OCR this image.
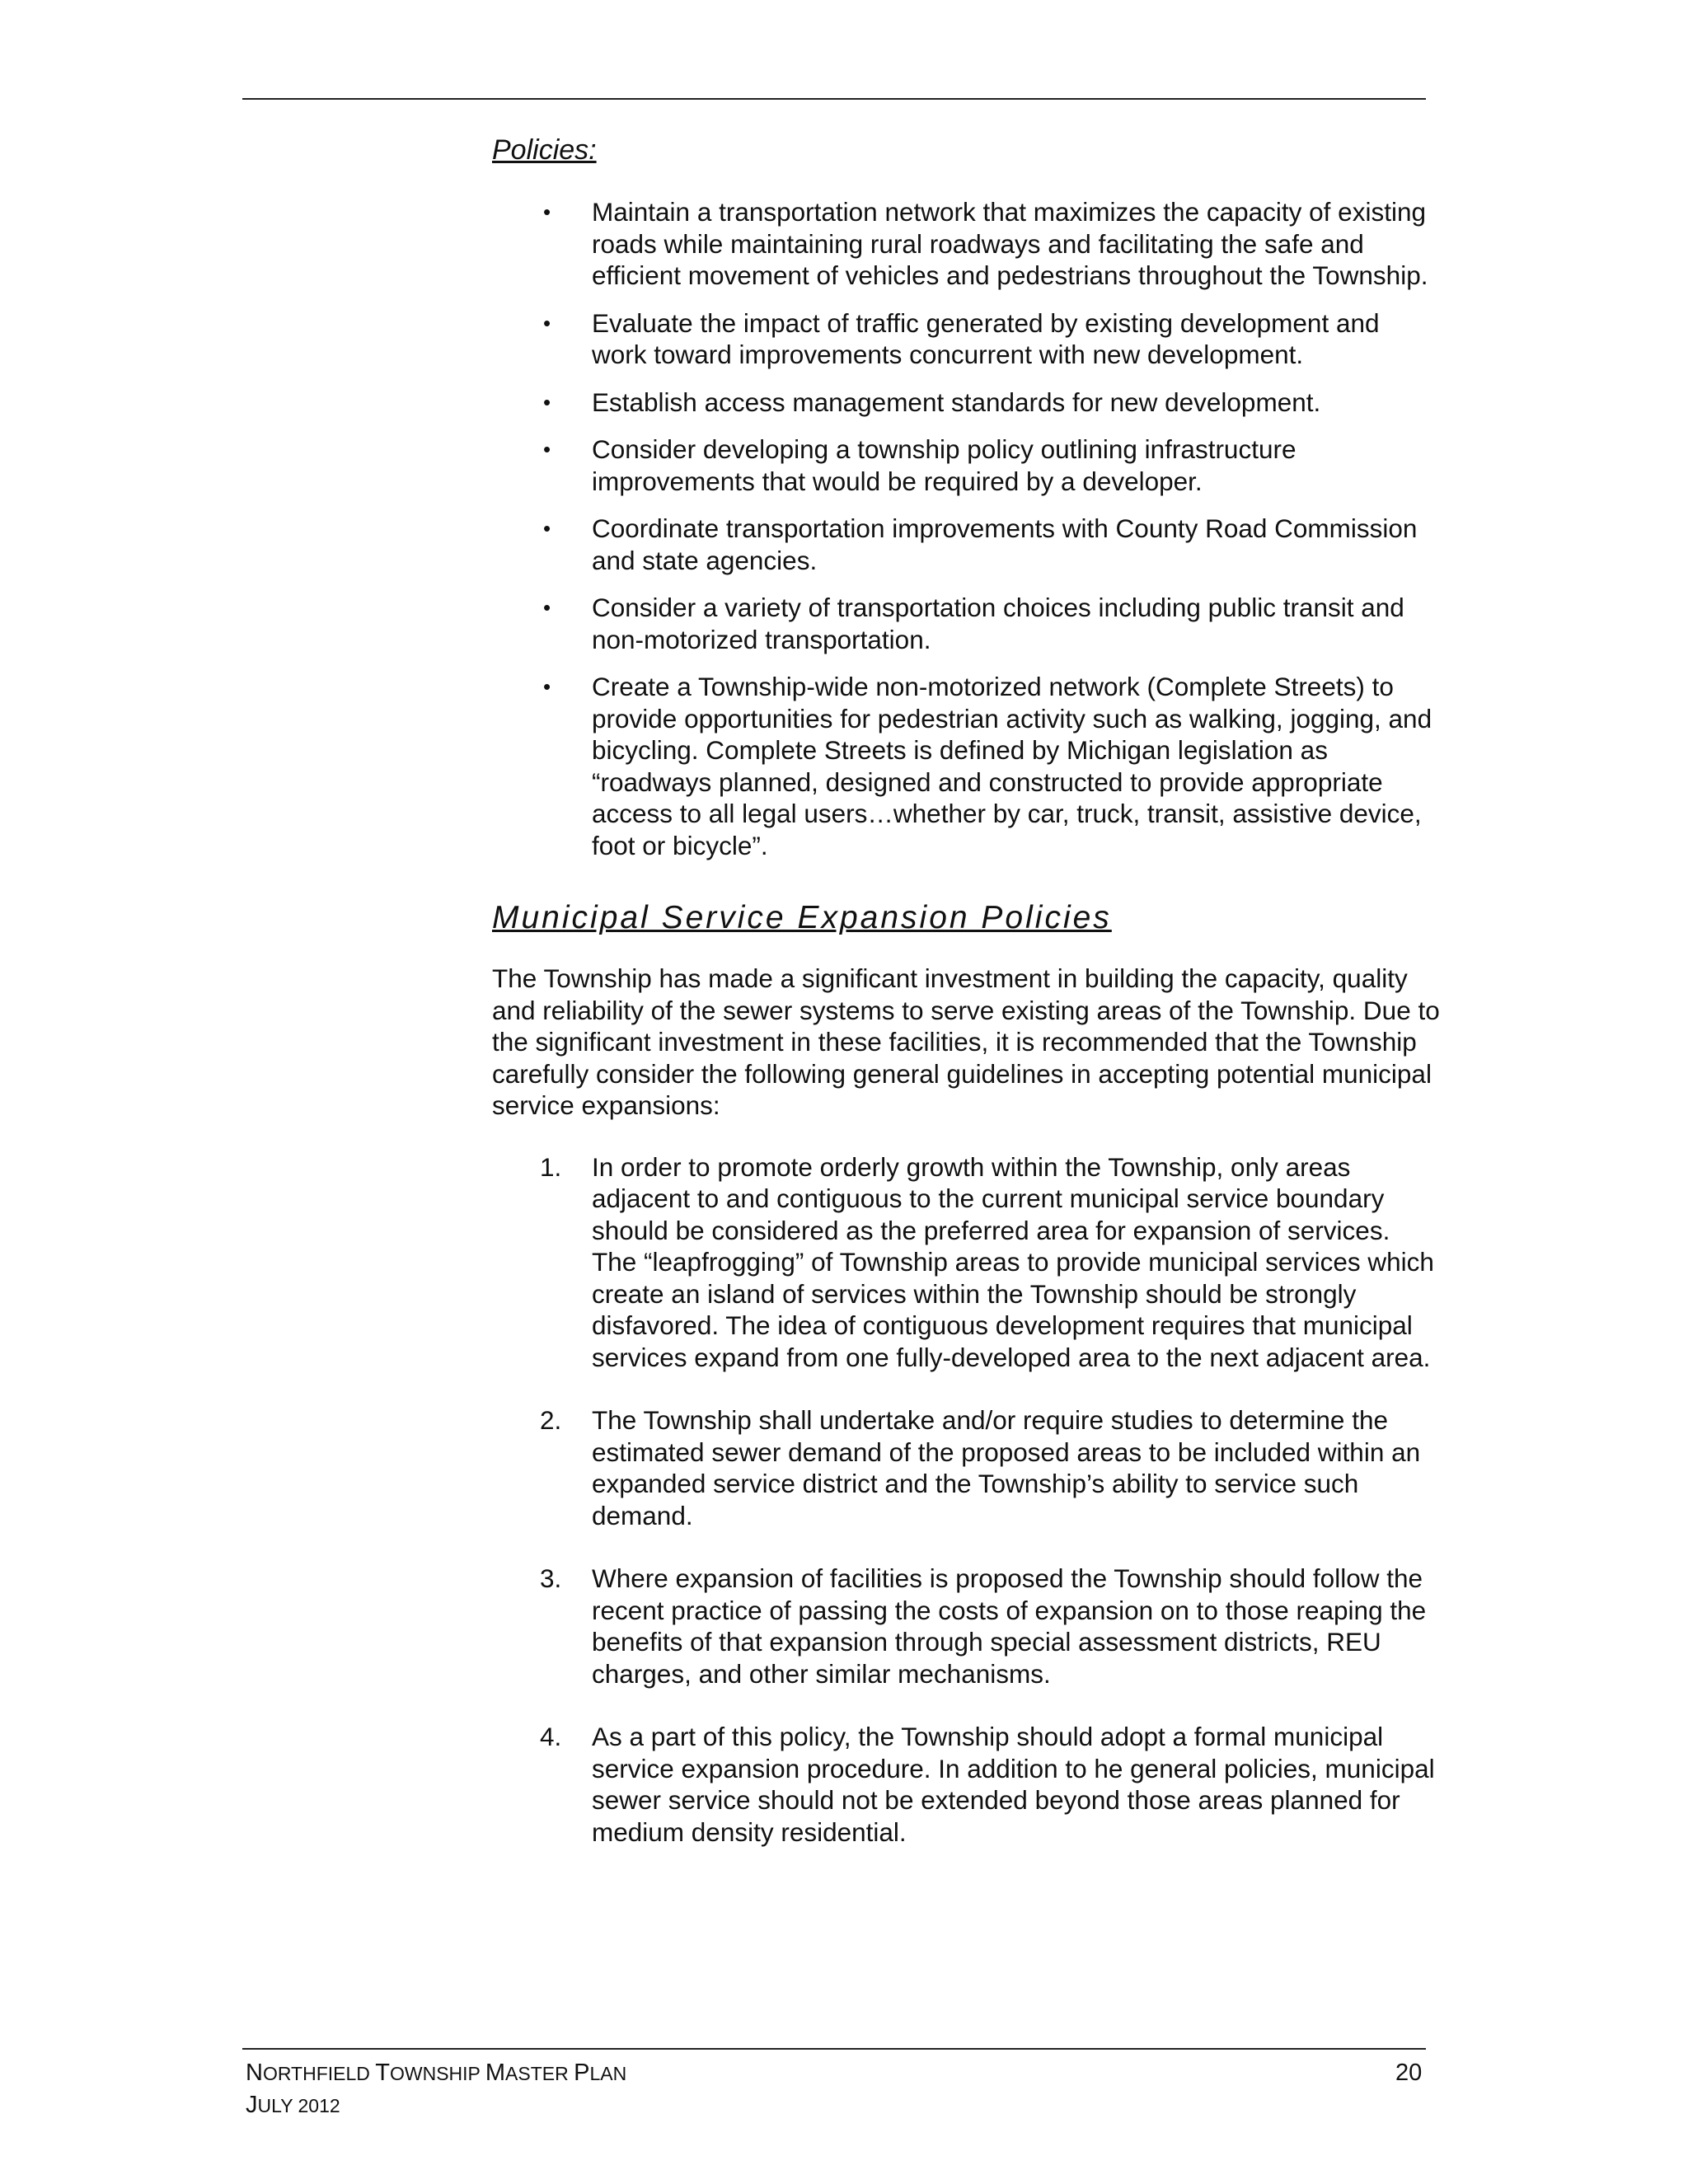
Policies:
• Maintain a transportation network that maximizes the capacity of existing roads while maintaining rural roadways and facilitating the safe and efficient movement of vehicles and pedestrians throughout the Township.
• Evaluate the impact of traffic generated by existing development and work toward improvements concurrent with new development.
• Establish access management standards for new development.
• Consider developing a township policy outlining infrastructure improvements that would be required by a developer.
• Coordinate transportation improvements with County Road Commission and state agencies.
• Consider a variety of transportation choices including public transit and non-motorized transportation.
• Create a Township-wide non-motorized network (Complete Streets) to provide opportunities for pedestrian activity such as walking, jogging, and bicycling. Complete Streets is defined by Michigan legislation as “roadways planned, designed and constructed to provide appropriate access to all legal users…whether by car, truck, transit, assistive device, foot or bicycle”.
Municipal Service Expansion Policies

The Township has made a significant investment in building the capacity, quality and reliability of the sewer systems to serve existing areas of the Township. Due to the significant investment in these facilities, it is recommended that the Township carefully consider the following general guidelines in accepting potential municipal service expansions:

1. In order to promote orderly growth within the Township, only areas adjacent to and contiguous to the current municipal service boundary should be considered as the preferred area for expansion of services. The “leapfrogging” of Township areas to provide municipal services which create an island of services within the Township should be strongly disfavored. The idea of contiguous development requires that municipal services expand from one fully-developed area to the next adjacent area.
2. The Township shall undertake and/or require studies to determine the estimated sewer demand of the proposed areas to be included within an expanded service district and the Township’s ability to service such demand.
3. Where expansion of facilities is proposed the Township should follow the recent practice of passing the costs of expansion on to those reaping the benefits of that expansion through special assessment districts, REU charges, and other similar mechanisms.
4. As a part of this policy, the Township should adopt a formal municipal service expansion procedure. In addition to he general policies, municipal sewer service should not be extended beyond those areas planned for medium density residential.
NORTHFIELD TOWNSHIP MASTER PLAN
JULY 2012
20
